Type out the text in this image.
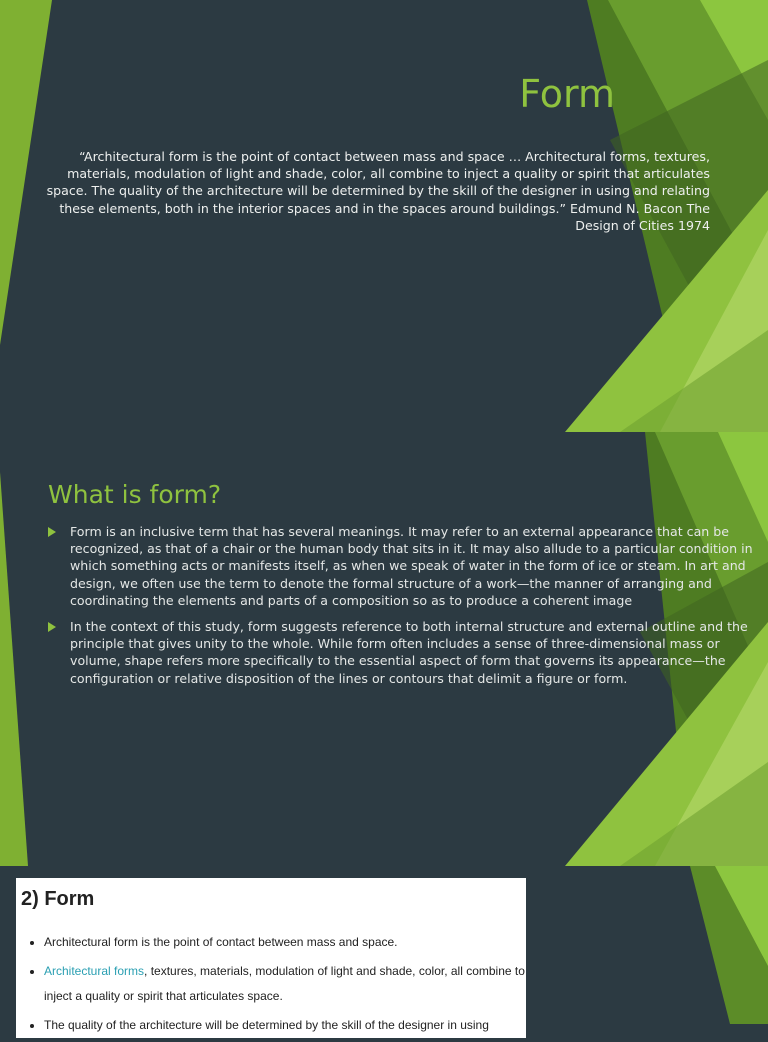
Form

“Architectural form is the point of contact between mass and space … Architectural forms, textures, materials, modulation of light and shade, color, all combine to inject a quality or spirit that articulates space. The quality of the architecture will be determined by the skill of the designer in using and relating these elements, both in the interior spaces and in the spaces around buildings.” Edmund N. Bacon The Design of Cities 1974

What is form?
Form is an inclusive term that has several meanings. It may refer to an external appearance that can be recognized, as that of a chair or the human body that sits in it. It may also allude to a particular condition in which something acts or manifests itself, as when we speak of water in the form of ice or steam. In art and design, we often use the term to denote the formal structure of a work—the manner of arranging and coordinating the elements and parts of a composition so as to produce a coherent image
In the context of this study, form suggests reference to both internal structure and external outline and the principle that gives unity to the whole. While form often includes a sense of three-dimensional mass or volume, shape refers more specifically to the essential aspect of form that governs its appearance—the configuration or relative disposition of the lines or contours that delimit a figure or form.
2) Form
• Architectural form is the point of contact between mass and space.
• Architectural forms, textures, materials, modulation of light and shade, color, all combine to inject a quality or spirit that articulates space.
• The quality of the architecture will be determined by the skill of the designer in using
